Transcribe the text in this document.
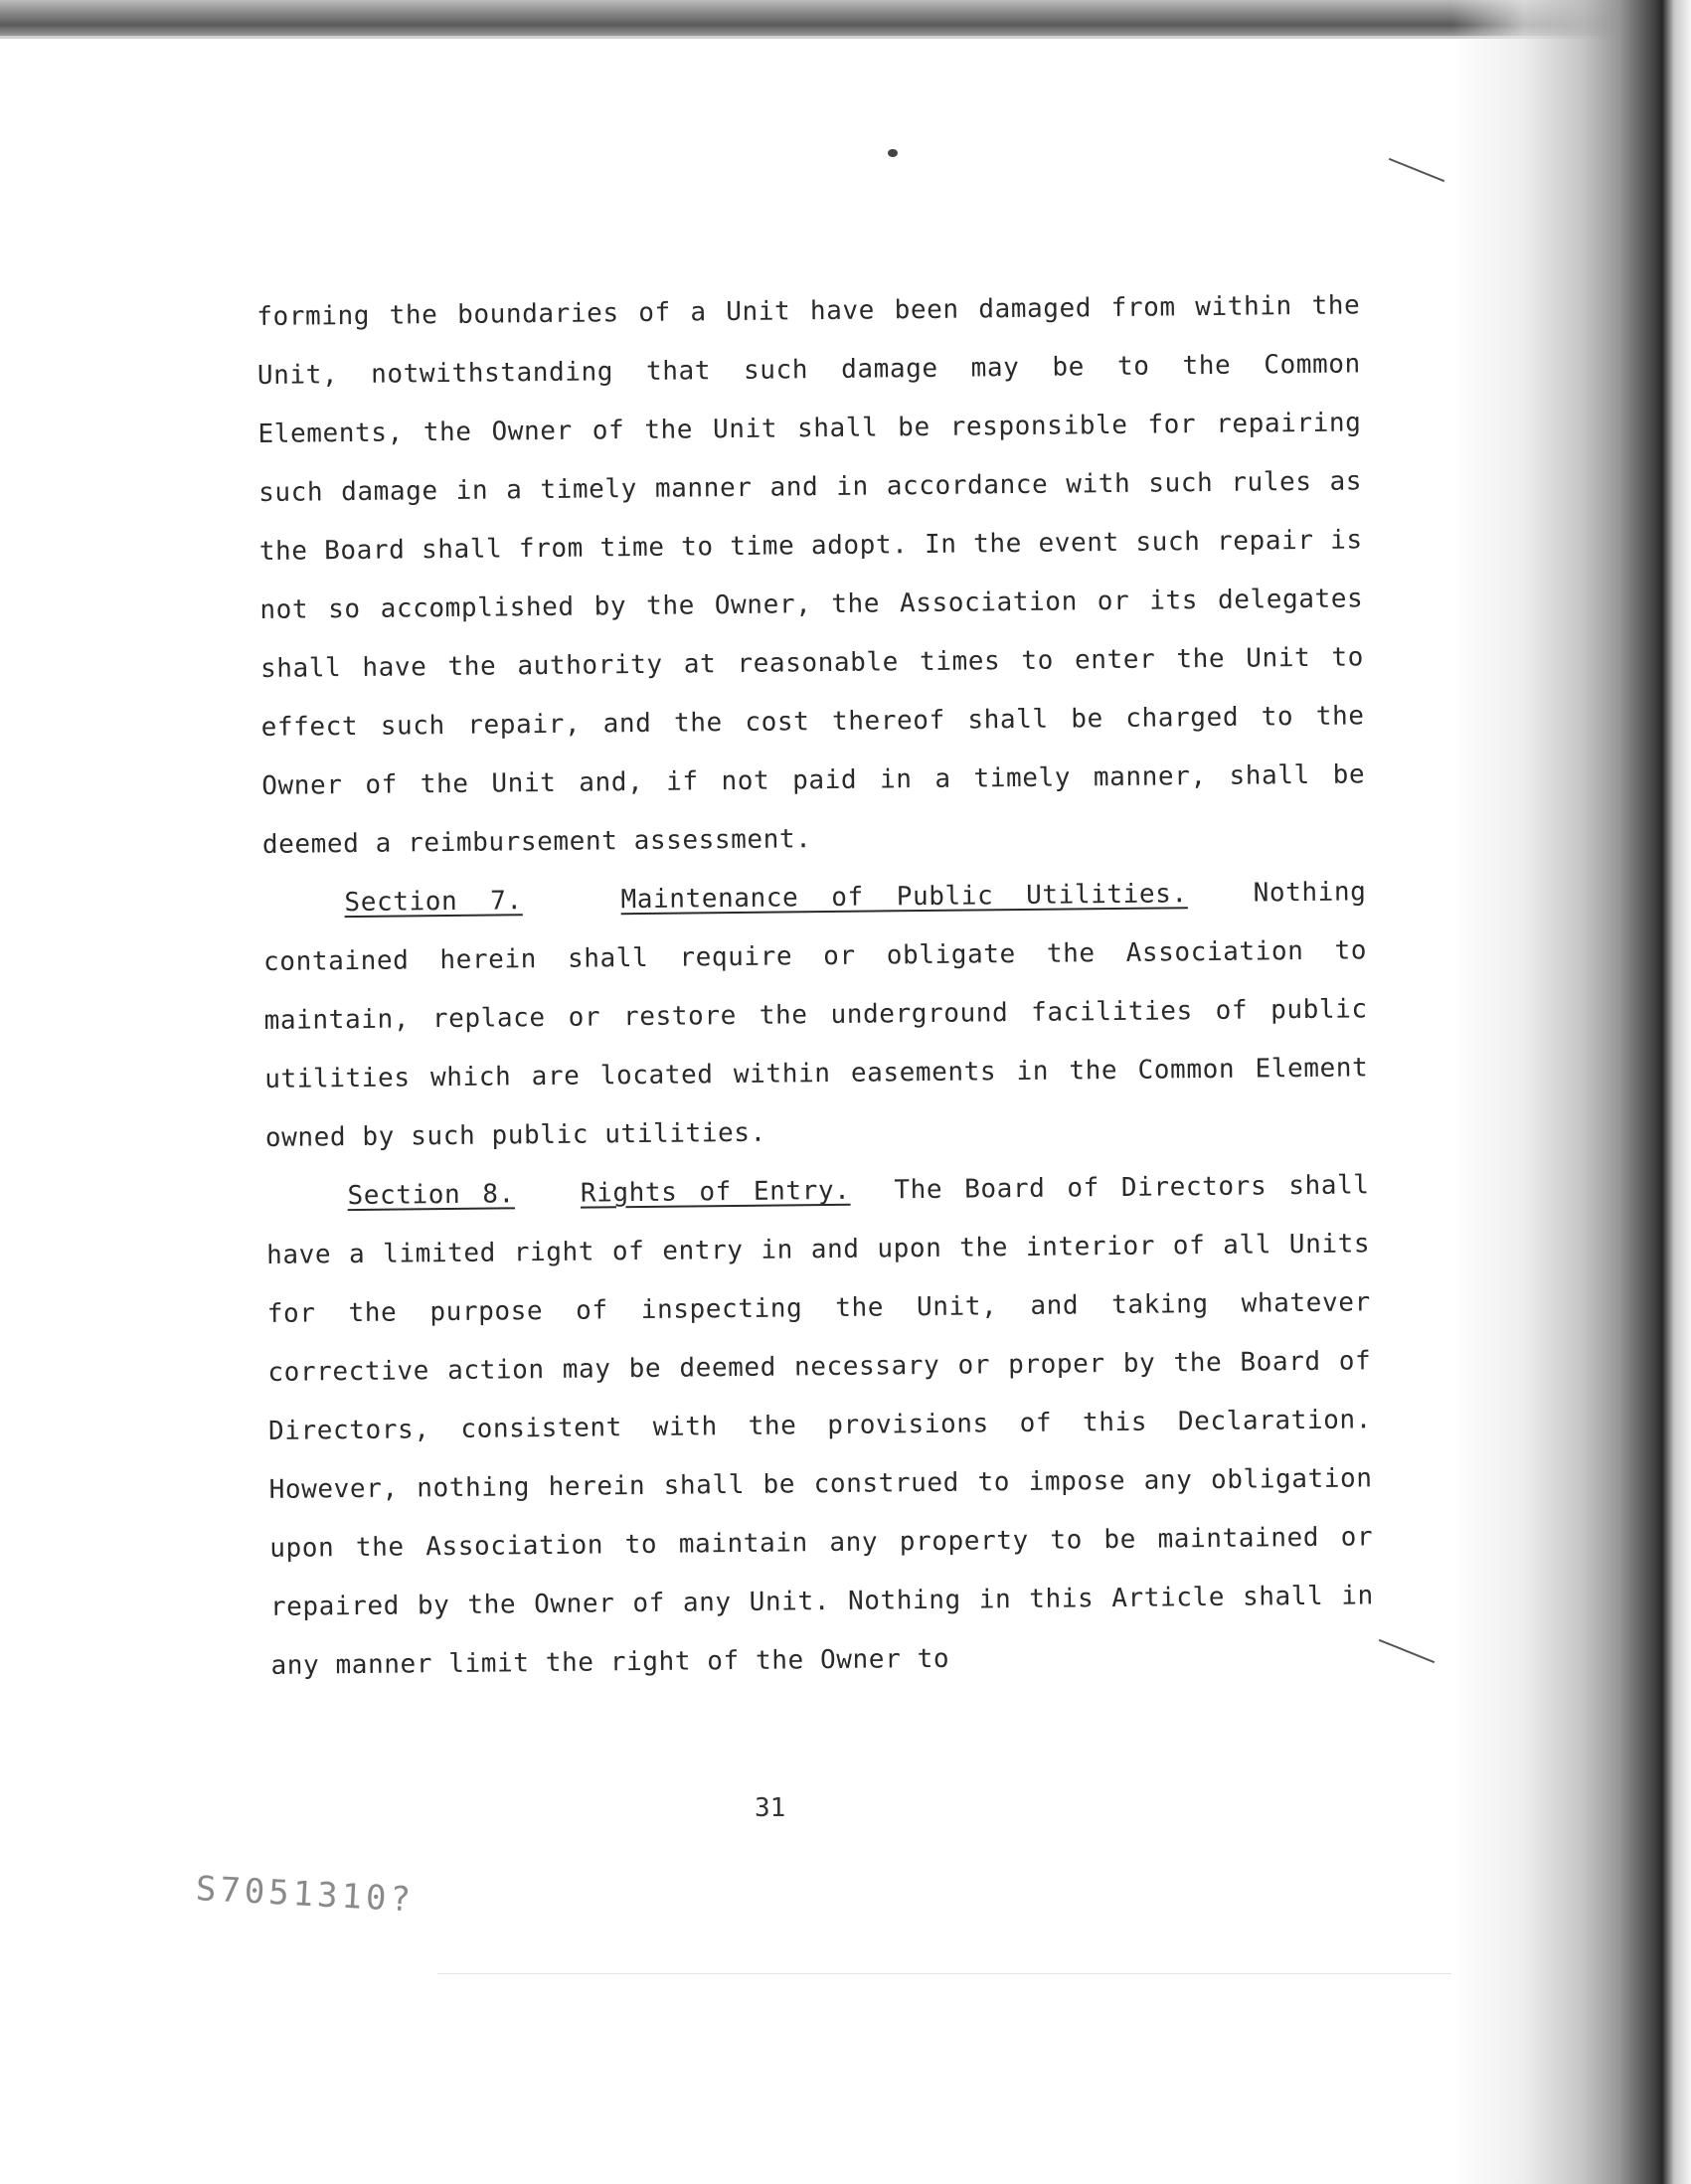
forming the boundaries of a Unit have been damaged from within the Unit, notwithstanding that such damage may be to the Common Elements, the Owner of the Unit shall be responsible for repairing such damage in a timely manner and in accordance with such rules as the Board shall from time to time adopt. In the event such repair is not so accomplished by the Owner, the Association or its delegates shall have the authority at reasonable times to enter the Unit to effect such repair, and the cost thereof shall be charged to the Owner of the Unit and, if not paid in a timely manner, shall be deemed a reimbursement assessment.

Section 7.	Maintenance of Public Utilities.	Nothing contained herein shall require or obligate the Association to maintain, replace or restore the underground facilities of public utilities which are located within easements in the Common Element owned by such public utilities.

Section 8.	Rights of Entry. The Board of Directors shall have a limited right of entry in and upon the interior of all Units for the purpose of inspecting the Unit, and taking whatever corrective action may be deemed necessary or proper by the Board of Directors, consistent with the provisions of this Declaration. However, nothing herein shall be construed to impose any obligation upon the Association to maintain any property to be maintained or repaired by the Owner of any Unit. Nothing in this Article shall in any manner limit the right of the Owner to

31
S7051310?
